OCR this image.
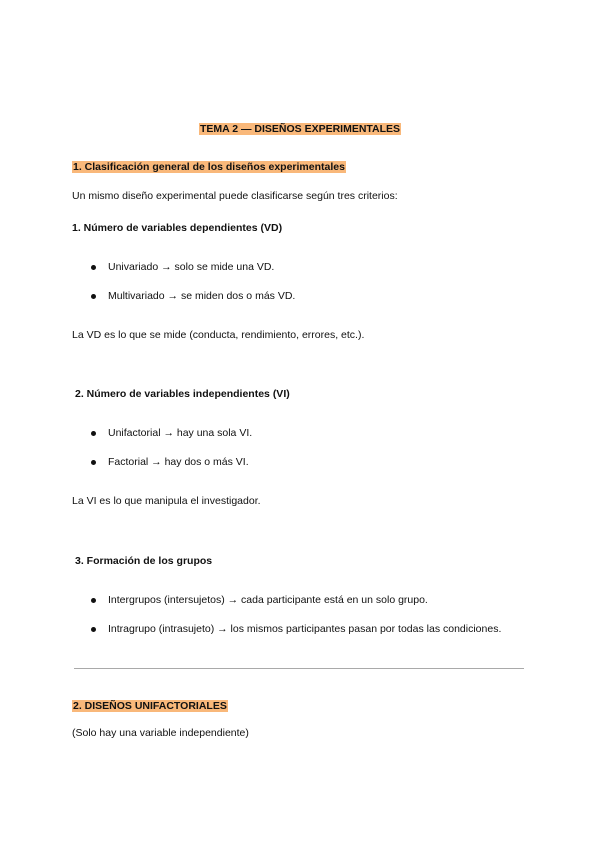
TEMA 2 — DISEÑOS EXPERIMENTALES
1. Clasificación general de los diseños experimentales
Un mismo diseño experimental puede clasificarse según tres criterios:
1. Número de variables dependientes (VD)
Univariado → solo se mide una VD.
Multivariado → se miden dos o más VD.
La VD es lo que se mide (conducta, rendimiento, errores, etc.).
2. Número de variables independientes (VI)
Unifactorial → hay una sola VI.
Factorial → hay dos o más VI.
La VI es lo que manipula el investigador.
3. Formación de los grupos
Intergrupos (intersujetos) → cada participante está en un solo grupo.
Intragrupo (intrasujeto) → los mismos participantes pasan por todas las condiciones.
2. DISEÑOS UNIFACTORIALES
(Solo hay una variable independiente)
